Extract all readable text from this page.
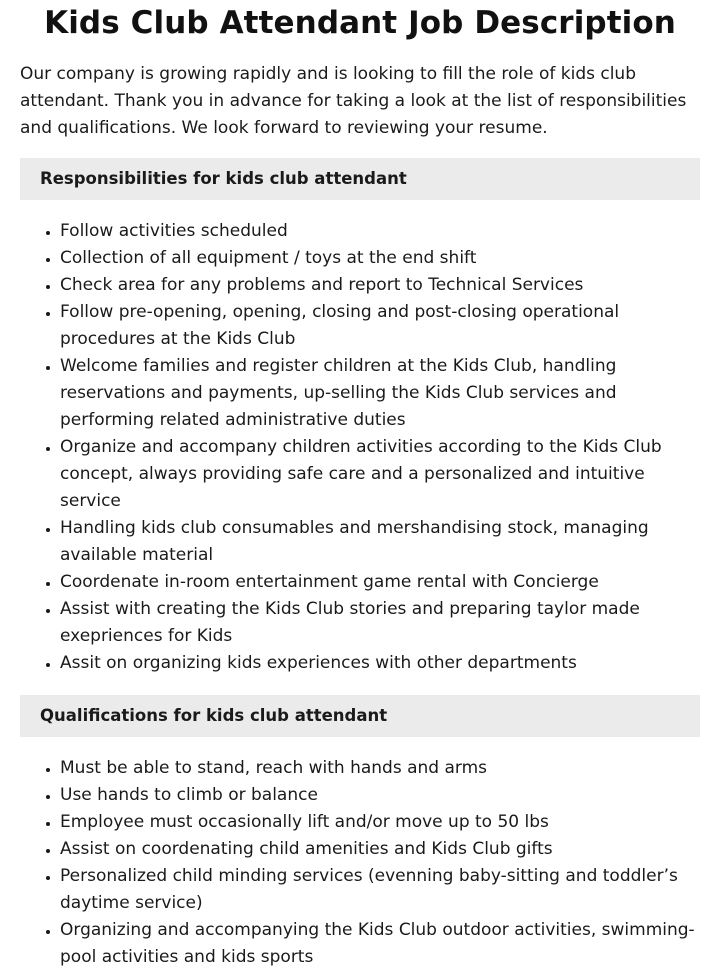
Kids Club Attendant Job Description

Our company is growing rapidly and is looking to fill the role of kids club attendant. Thank you in advance for taking a look at the list of responsibilities and qualifications. We look forward to reviewing your resume.

Responsibilities for kids club attendant
• Follow activities scheduled
• Collection of all equipment / toys at the end shift
• Check area for any problems and report to Technical Services
• Follow pre-opening, opening, closing and post-closing operational procedures at the Kids Club
• Welcome families and register children at the Kids Club, handling reservations and payments, up-selling the Kids Club services and performing related administrative duties
• Organize and accompany children activities according to the Kids Club concept, always providing safe care and a personalized and intuitive service
• Handling kids club consumables and mershandising stock, managing available material
• Coordenate in-room entertainment game rental with Concierge
• Assist with creating the Kids Club stories and preparing taylor made exepriences for Kids
• Assit on organizing kids experiences with other departments
Qualifications for kids club attendant
• Must be able to stand, reach with hands and arms
• Use hands to climb or balance
• Employee must occasionally lift and/or move up to 50 lbs
• Assist on coordenating child amenities and Kids Club gifts
• Personalized child minding services (evenning baby-sitting and toddler’s daytime service)
• Organizing and accompanying the Kids Club outdoor activities, swimming-pool activities and kids sports
